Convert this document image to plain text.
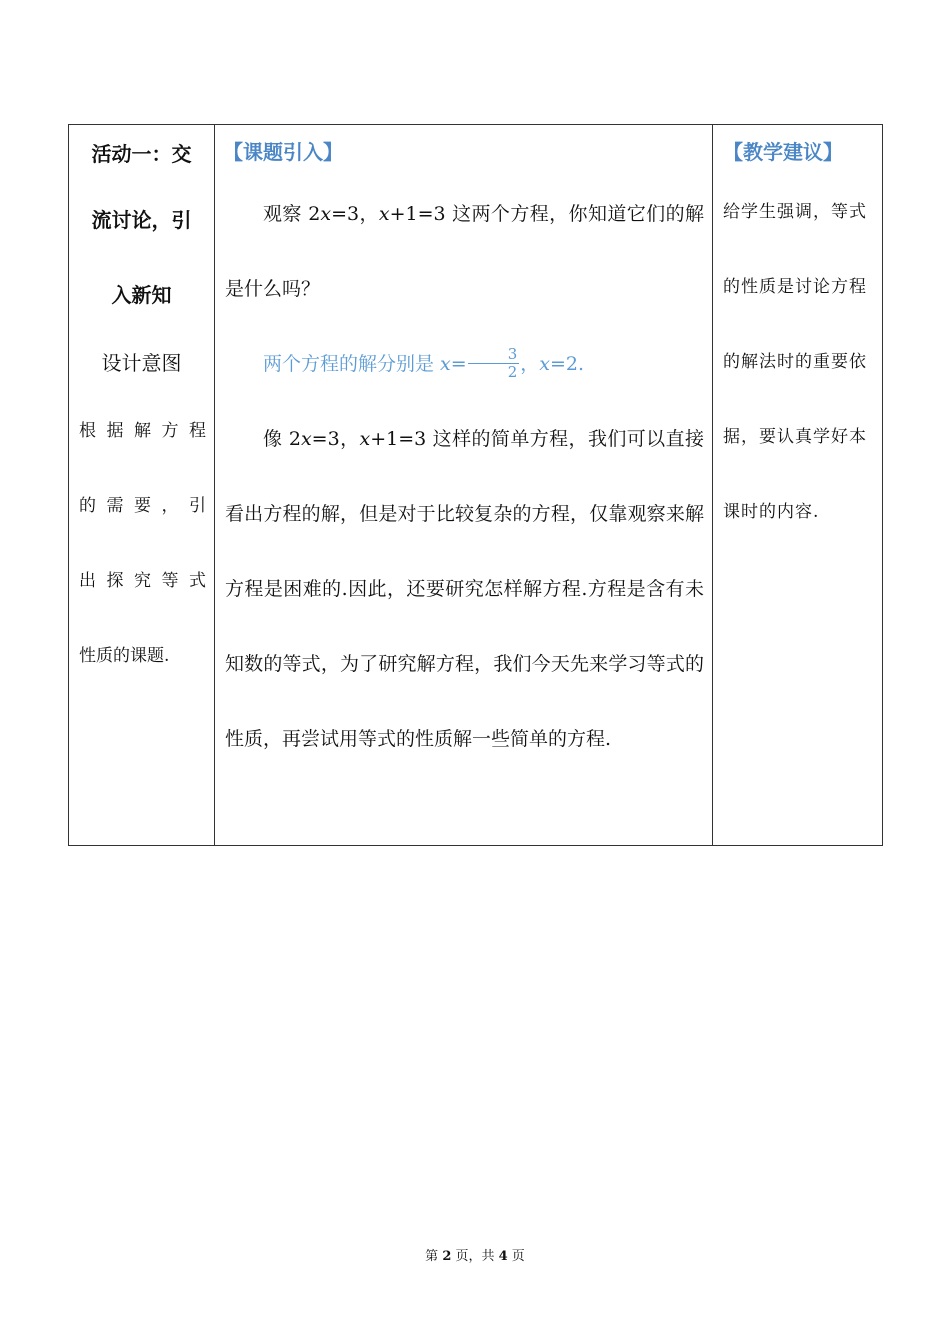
活动一：交
流讨论，引
入新知
设计意图
根据解方程
的需要，引
出探究等式
性质的课题.

【课题引入】
观察 2x=3，x+1=3 这两个方程，你知道它们的解是什么吗？
两个方程的解分别是 $x= \frac{3}{2}$ ，x=2.
像 2x=3，x+1=3 这样的简单方程，我们可以直接看出方程的解，但是对于比较复杂的方程，仅靠观察来解方程是困难的.因此，还要研究怎样解方程.方程是含有未知数的等式，为了研究解方程，我们今天先来学习等式的性质，再尝试用等式的性质解一些简单的方程.

【教学建议】
给学生强调，等式的性质是讨论方程的解法时的重要依据，要认真学好本课时的内容.
第 2 页，共 4 页
